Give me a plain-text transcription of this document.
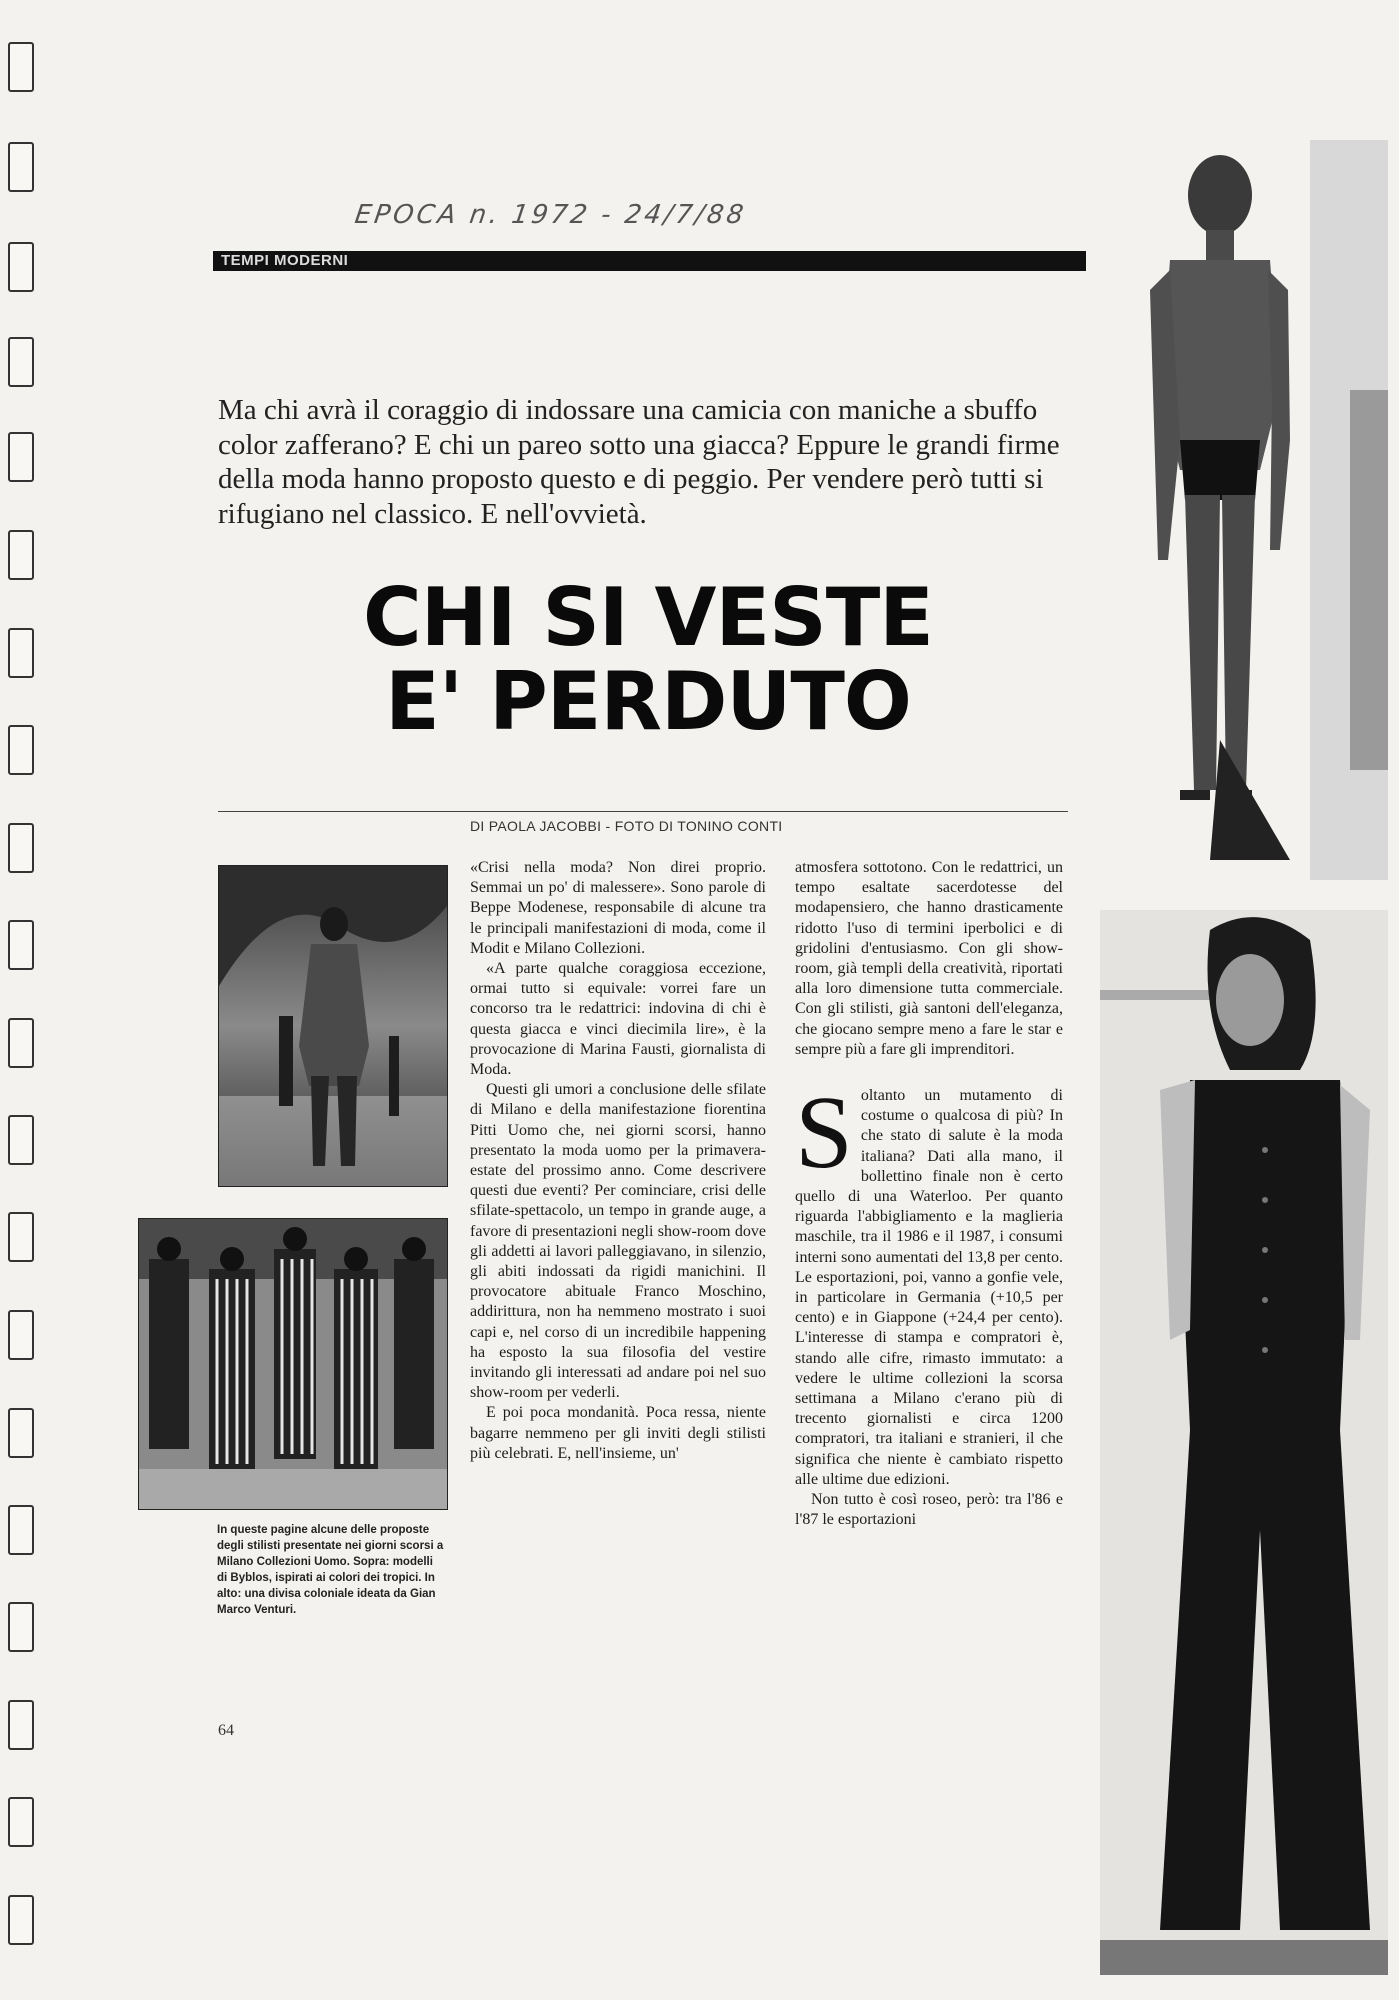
EPOCA n. 1972 - 24/7/88
TEMPI MODERNI
Ma chi avrà il coraggio di indossare una camicia con maniche a sbuffo color zafferano? E chi un pareo sotto una giacca? Eppure le grandi firme della moda hanno proposto questo e di peggio. Per vendere però tutti si rifugiano nel classico. E nell'ovvietà.
CHI SI VESTE
E' PERDUTO
DI PAOLA JACOBBI - FOTO DI TONINO CONTI
In queste pagine alcune delle proposte degli stilisti presentate nei giorni scorsi a Milano Collezioni Uomo. Sopra: modelli di Byblos, ispirati ai colori dei tropici. In alto: una divisa coloniale ideata da Gian Marco Venturi.

«Crisi nella moda? Non direi proprio. Semmai un po' di malessere». Sono parole di Beppe Modenese, responsabile di alcune tra le principali manifestazioni di moda, come il Modit e Milano Collezioni.

«A parte qualche coraggiosa eccezione, ormai tutto si equivale: vorrei fare un concorso tra le redattrici: indovina di chi è questa giacca e vinci diecimila lire», è la provocazione di Marina Fausti, giornalista di Moda.

Questi gli umori a conclusione delle sfilate di Milano e della manifestazione fiorentina Pitti Uomo che, nei giorni scorsi, hanno presentato la moda uomo per la primavera-estate del prossimo anno. Come descrivere questi due eventi? Per cominciare, crisi delle sfilate-spettacolo, un tempo in grande auge, a favore di presentazioni negli show-room dove gli addetti ai lavori palleggiavano, in silenzio, gli abiti indossati da rigidi manichini. Il provocatore abituale Franco Moschino, addirittura, non ha nemmeno mostrato i suoi capi e, nel corso di un incredibile happening ha esposto la sua filosofia del vestire invitando gli interessati ad andare poi nel suo show-room per vederli.

E poi poca mondanità. Poca ressa, niente bagarre nemmeno per gli inviti degli stilisti più celebrati. E, nell'insieme, un'

atmosfera sottotono. Con le redattrici, un tempo esaltate sacerdotesse del modapensiero, che hanno drasticamente ridotto l'uso di termini iperbolici e di gridolini d'entusiasmo. Con gli show-room, già templi della creatività, riportati alla loro dimensione tutta commerciale. Con gli stilisti, già santoni dell'eleganza, che giocano sempre meno a fare le star e sempre più a fare gli imprenditori.

S oltanto un mutamento di costume o qualcosa di più? In che stato di salute è la moda italiana? Dati alla mano, il bollettino finale non è certo quello di una Waterloo. Per quanto riguarda l'abbigliamento e la maglieria maschile, tra il 1986 e il 1987, i consumi interni sono aumentati del 13,8 per cento. Le esportazioni, poi, vanno a gonfie vele, in particolare in Germania (+10,5 per cento) e in Giappone (+24,4 per cento). L'interesse di stampa e compratori è, stando alle cifre, rimasto immutato: a vedere le ultime collezioni la scorsa settimana a Milano c'erano più di trecento giornalisti e circa 1200 compratori, tra italiani e stranieri, il che significa che niente è cambiato rispetto alle ultime due edizioni.

Non tutto è così roseo, però: tra l'86 e l'87 le esportazioni

64
